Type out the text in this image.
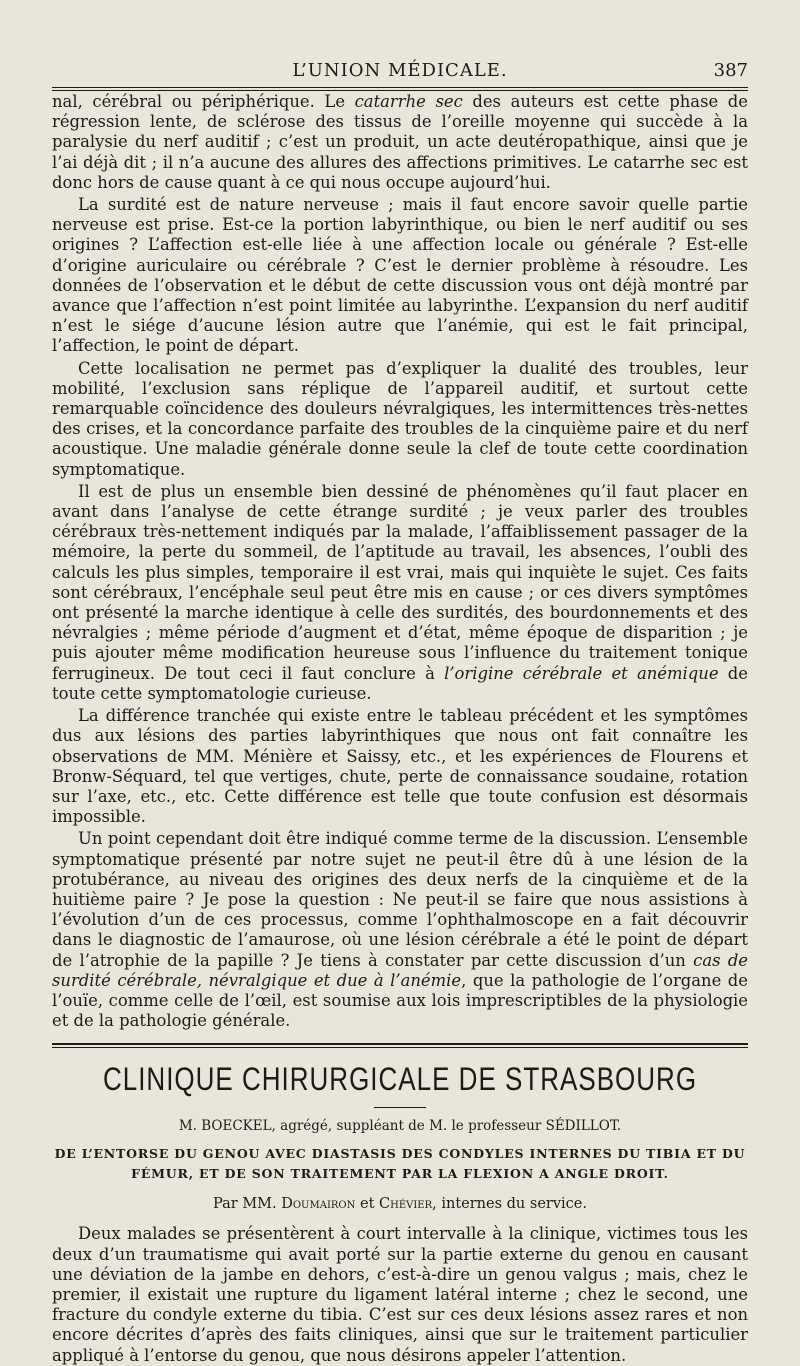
L’UNION MÉDICALE.	387

nal, cérébral ou périphérique. Le catarrhe sec des auteurs est cette phase de régression lente, de sclérose des tissus de l’oreille moyenne qui succède à la paralysie du nerf auditif ; c’est un produit, un acte deutéropathique, ainsi que je l’ai déjà dit ; il n’a aucune des allures des affections primitives. Le catarrhe sec est donc hors de cause quant à ce qui nous occupe aujourd’hui.

La surdité est de nature nerveuse ; mais il faut encore savoir quelle partie nerveuse est prise. Est-ce la portion labyrinthique, ou bien le nerf auditif ou ses origines ? L’affection est-elle liée à une affection locale ou générale ? Est-elle d’origine auriculaire ou cérébrale ? C’est le dernier problème à résoudre. Les données de l’observation et le début de cette discussion vous ont déjà montré par avance que l’affection n’est point limitée au labyrinthe. L’expansion du nerf auditif n’est le siége d’aucune lésion autre que l’anémie, qui est le fait principal, l’affection, le point de départ.

Cette localisation ne permet pas d’expliquer la dualité des troubles, leur mobilité, l’exclusion sans réplique de l’appareil auditif, et surtout cette remarquable coïncidence des douleurs névralgiques, les intermittences très-nettes des crises, et la concordance parfaite des troubles de la cinquième paire et du nerf acoustique. Une maladie générale donne seule la clef de toute cette coordination symptomatique.

Il est de plus un ensemble bien dessiné de phénomènes qu’il faut placer en avant dans l’analyse de cette étrange surdité ; je veux parler des troubles cérébraux très-nettement indiqués par la malade, l’affaiblissement passager de la mémoire, la perte du sommeil, de l’aptitude au travail, les absences, l’oubli des calculs les plus simples, temporaire il est vrai, mais qui inquiète le sujet. Ces faits sont cérébraux, l’encéphale seul peut être mis en cause ; or ces divers symptômes ont présenté la marche identique à celle des surdités, des bourdonnements et des névralgies ; même période d’augment et d’état, même époque de disparition ; je puis ajouter même modification heureuse sous l’influence du traitement tonique ferrugineux. De tout ceci il faut conclure à l’origine cérébrale et anémique de toute cette symptomatologie curieuse.

La différence tranchée qui existe entre le tableau précédent et les symptômes dus aux lésions des parties labyrinthiques que nous ont fait connaître les observations de MM. Ménière et Saissy, etc., et les expériences de Flourens et Bronw-Séquard, tel que vertiges, chute, perte de connaissance soudaine, rotation sur l’axe, etc., etc. Cette différence est telle que toute confusion est désormais impossible.

Un point cependant doit être indiqué comme terme de la discussion. L’ensemble symptomatique présenté par notre sujet ne peut-il être dû à une lésion de la protubérance, au niveau des origines des deux nerfs de la cinquième et de la huitième paire ? Je pose la question : Ne peut-il se faire que nous assistions à l’évolution d’un de ces processus, comme l’ophthalmoscope en a fait découvrir dans le diagnostic de l’amaurose, où une lésion cérébrale a été le point de départ de l’atrophie de la papille ? Je tiens à constater par cette discussion d’un cas de surdité cérébrale, névralgique et due à l’anémie, que la pathologie de l’organe de l’ouïe, comme celle de l’œil, est soumise aux lois imprescriptibles de la physiologie et de la pathologie générale.

CLINIQUE CHIRURGICALE DE STRASBOURG
M. BOECKEL, agrégé, suppléant de M. le professeur SÉDILLOT.
DE L’ENTORSE DU GENOU AVEC DIASTASIS DES CONDYLES INTERNES DU TIBIA ET DU FÉMUR, ET DE SON TRAITEMENT PAR LA FLEXION A ANGLE DROIT.
Par MM. Doumairon et Chévier, internes du service.

Deux malades se présentèrent à court intervalle à la clinique, victimes tous les deux d’un traumatisme qui avait porté sur la partie externe du genou en causant une déviation de la jambe en dehors, c’est-à-dire un genou valgus ; mais, chez le premier, il existait une rupture du ligament latéral interne ; chez le second, une fracture du condyle externe du tibia. C’est sur ces deux lésions assez rares et non encore décrites d’après des faits cliniques, ainsi que sur le traitement particulier appliqué à l’entorse du genou, que nous désirons appeler l’attention.
